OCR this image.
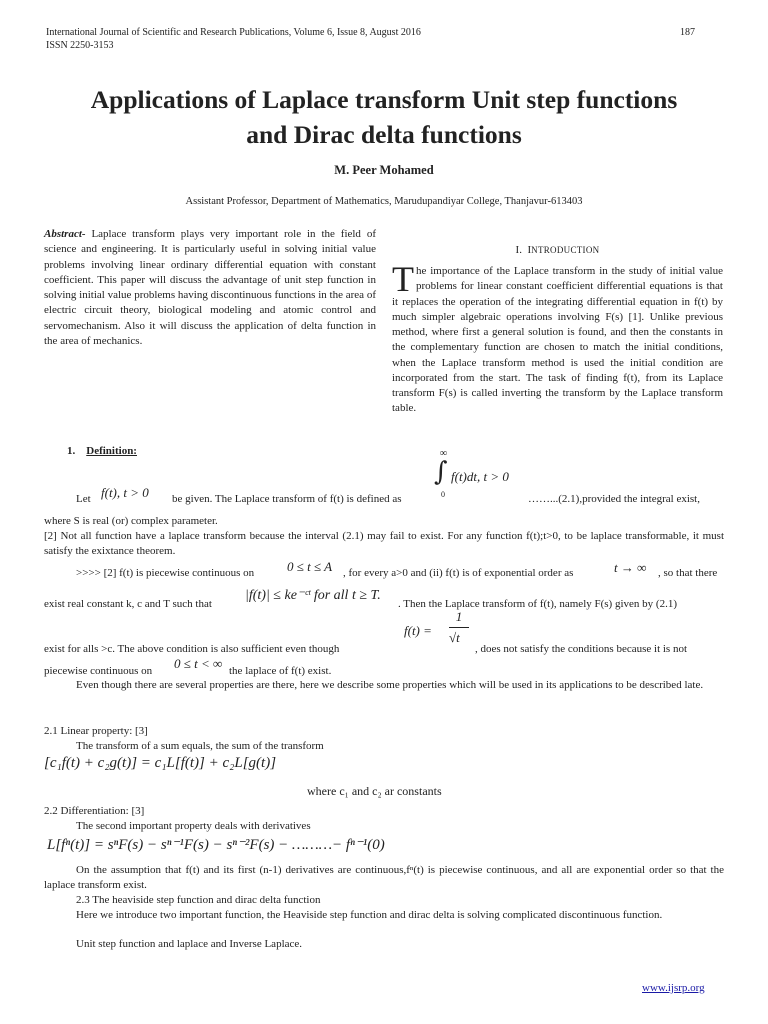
International Journal of Scientific and Research Publications, Volume 6, Issue 8, August 2016
ISSN 2250-3153
187
Applications of Laplace transform Unit step functions
and Dirac delta functions
M. Peer Mohamed
Assistant Professor, Department of Mathematics, Marudupandiyar College, Thanjavur-613403

Abstract- Laplace transform plays very important role in the field of science and engineering. It is particularly useful in solving initial value problems involving linear ordinary differential equation with constant coefficient. This paper will discuss the advantage of unit step function in solving initial value problems having discontinuous functions in the area of electric circuit theory, biological modeling and atomic control and servomechanism. Also it will discuss the application of delta function in the area of mechanics.

I. INTRODUCTION

The importance of the Laplace transform in the study of initial value problems for linear constant coefficient differential equations is that it replaces the operation of the integrating differential equation in f(t) by much simpler algebraic operations involving F(s) [1]. Unlike previous method, where first a general solution is found, and then the constants in the complementary function are chosen to match the initial conditions, when the Laplace transform method is used the initial condition are incorporated from the start. The task of finding f(t), from its Laplace transform F(s) is called inverting the transform by the Laplace transform table.

1. Definition:	∞
∫ f(t)dt, t > 0
0
Let f(t), t > 0 be given. The Laplace transform of f(t) is defined as	……...(2.1),provided the integral exist,
where S is real (or) complex parameter.
[2] Not all function have a laplace transform because the interval (2.1) may fail to exist. For any function f(t);t>0, to be laplace transformable, it must satisfy the exixtance theorem.
>>>> [2] f(t) is piecewise continuous on	0 ≤ t ≤ A , for every a>0 and (ii) f(t) is of exponential order as	t → ∞ , so that there
exist real constant k, c and T such that
|f(t)| ≤ ke⁻ᶜᵗ for all t ≥ T.
. Then the Laplace transform of f(t), namely F(s) given by (2.1)
f(t) =
1
√t
exist for alls >c. The above condition is also sufficient even though	, does not satisfy the conditions because it is not
piecewise continuous on 0 ≤ t < ∞ the laplace of f(t) exist.
Even though there are several properties are there, here we describe some properties which will be used in its applications to be described late.
2.1 Linear property: [3]
The transform of a sum equals, the sum of the transform
[c₁f(t) + c₂g(t)] = c₁L[f(t)] + c₂L[g(t)]
where c₁ and c₂ ar constants
2.2 Differentiation: [3]
The second important property deals with derivatives
L[fⁿ(t)] = sⁿF(s) − sⁿ⁻¹F(s) − sⁿ⁻²F(s) − ………− fⁿ⁻¹(0)
On the assumption that f(t) and its first (n-1) derivatives are continuous,fⁿ(t) is piecewise continuous, and all are exponential order so that the laplace transform exist.
2.3 The heaviside step function and dirac delta function
Here we introduce two important function, the Heaviside step function and dirac delta is solving complicated discontinuous function.
Unit step function and laplace and Inverse Laplace.
www.ijsrp.org
